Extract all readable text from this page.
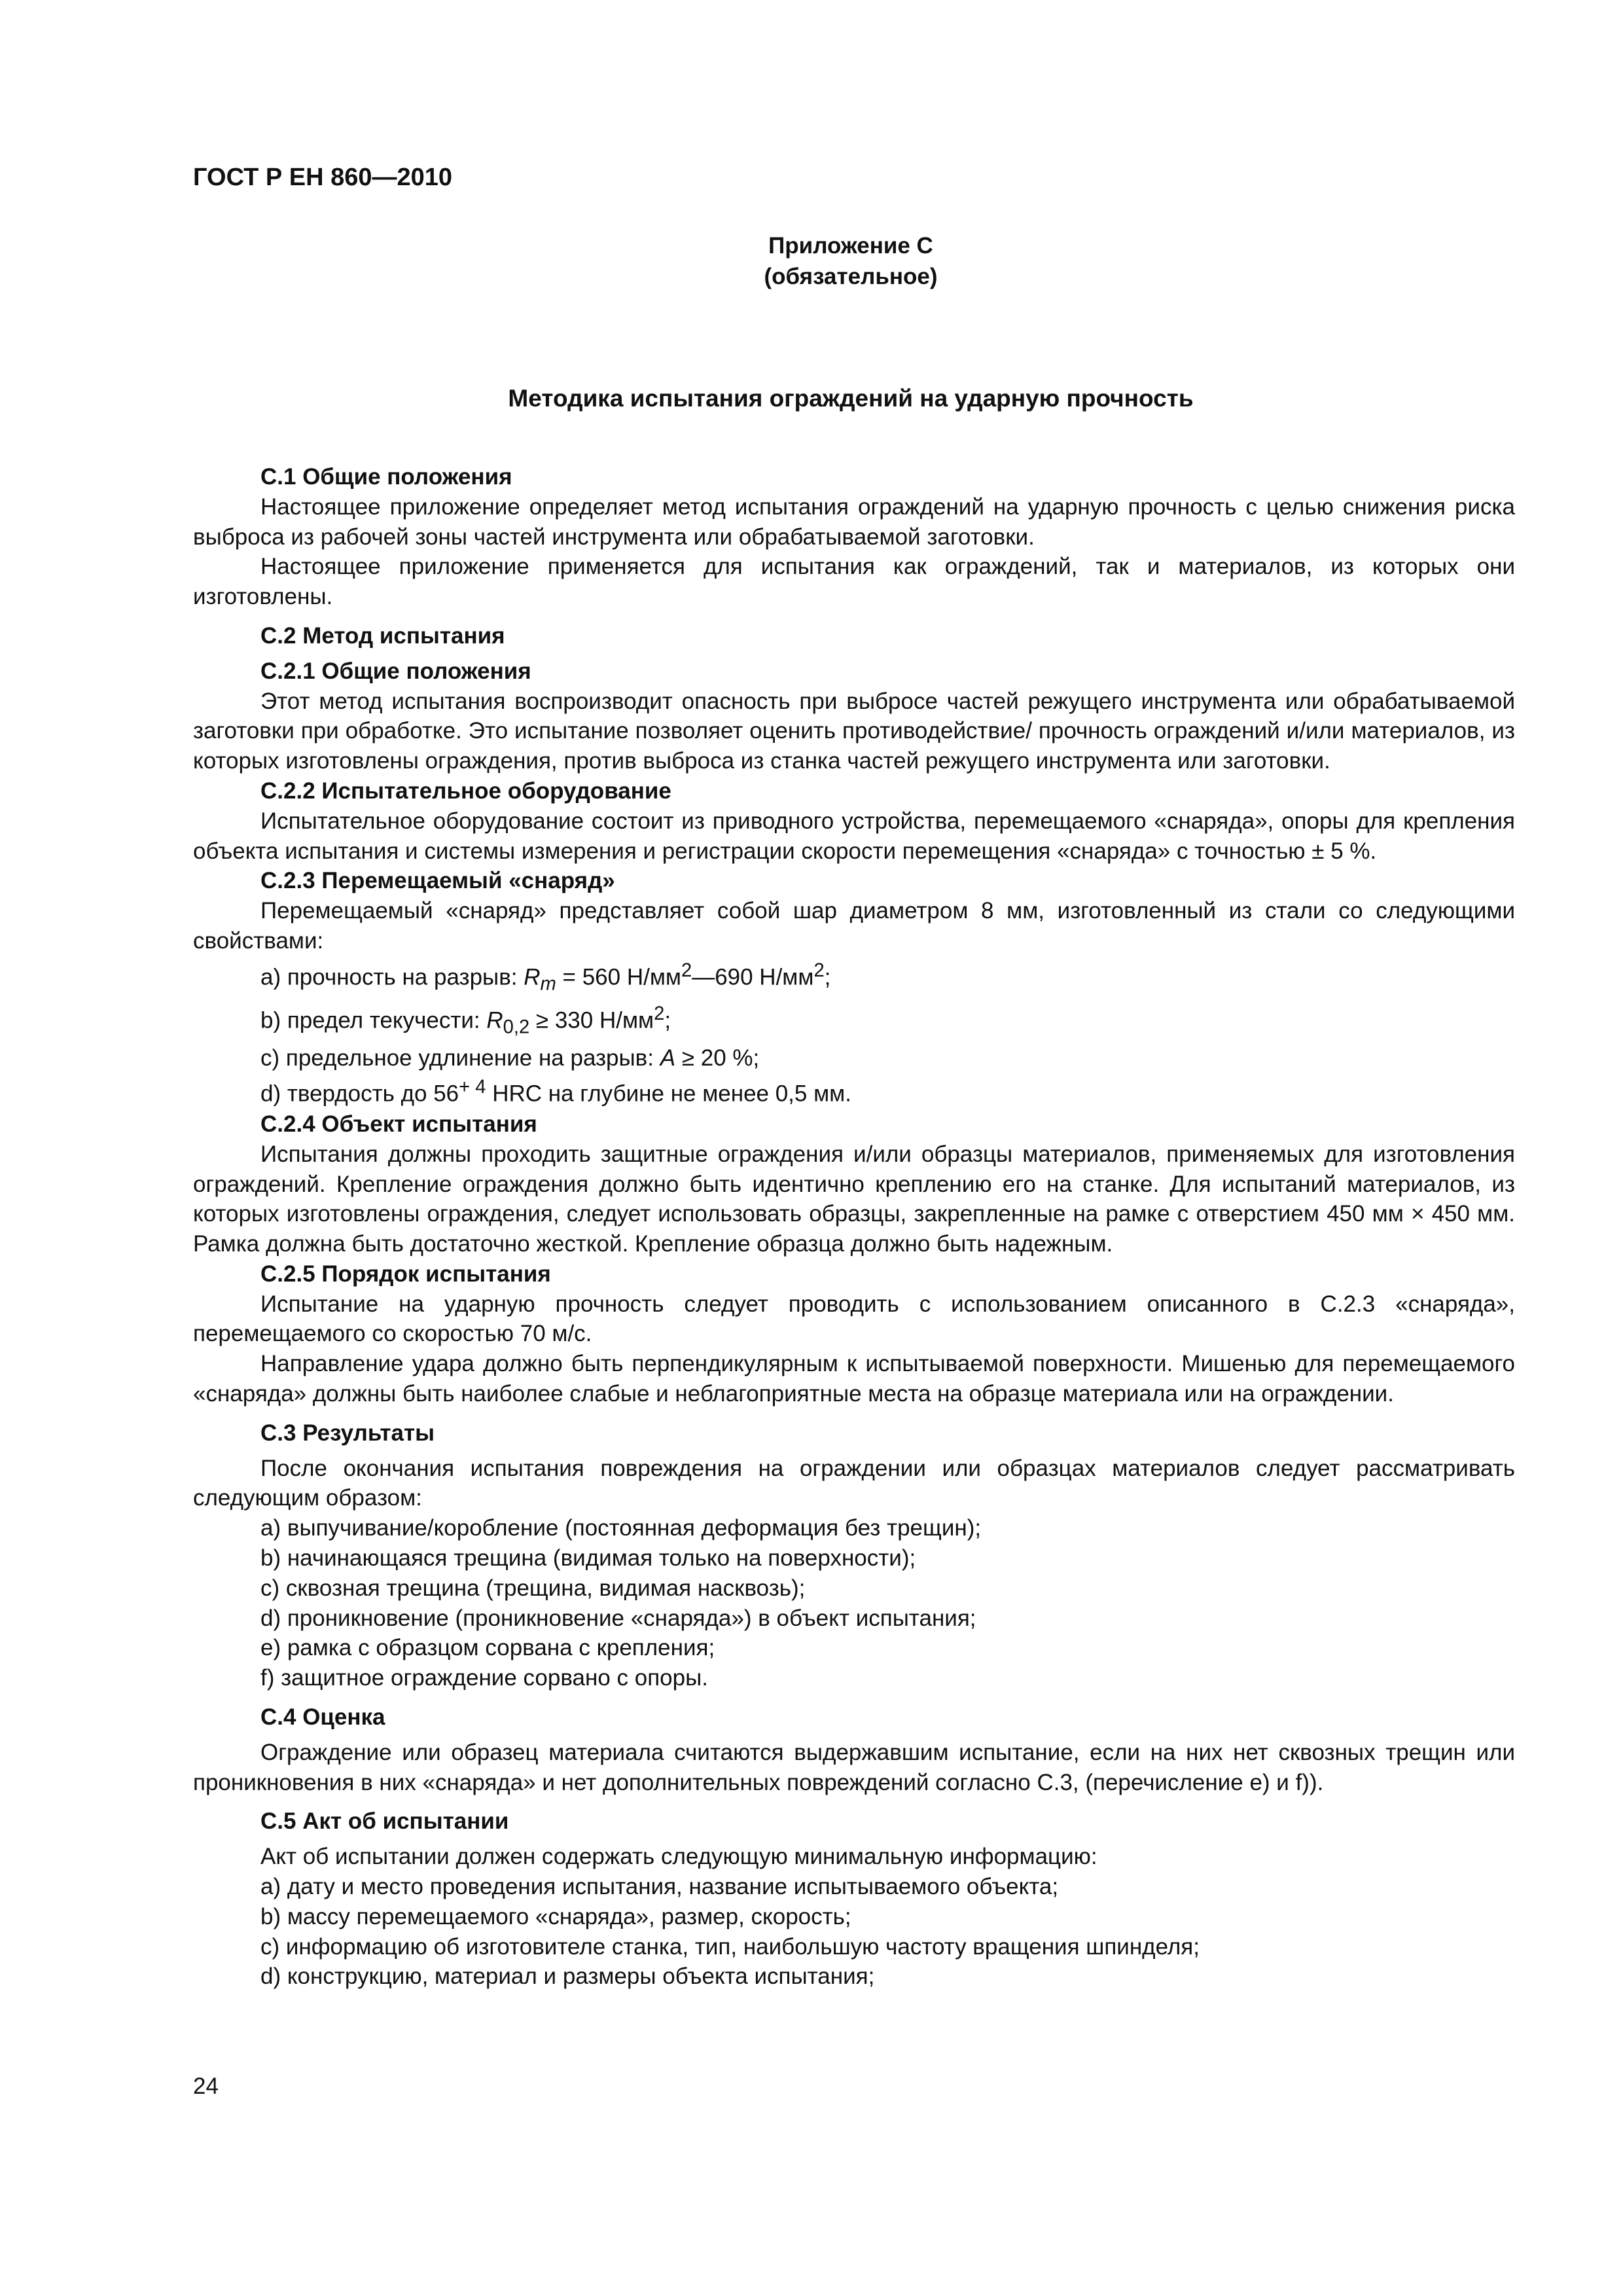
ГОСТ Р ЕН 860—2010
Приложение С
(обязательное)
Методика испытания ограждений на ударную прочность
С.1 Общие положения

Настоящее приложение определяет метод испытания ограждений на ударную прочность с целью снижения риска выброса из рабочей зоны частей инструмента или обрабатываемой заготовки.

Настоящее приложение применяется для испытания как ограждений, так и материалов, из которых они изготовлены.

С.2 Метод испытания
С.2.1 Общие положения

Этот метод испытания воспроизводит опасность при выбросе частей режущего инструмента или обрабатываемой заготовки при обработке. Это испытание позволяет оценить противодействие/ прочность ограждений и/или материалов, из которых изготовлены ограждения, против выброса из станка частей режущего инструмента или заготовки.

С.2.2 Испытательное оборудование

Испытательное оборудование состоит из приводного устройства, перемещаемого «снаряда», опоры для крепления объекта испытания и системы измерения и регистрации скорости перемещения «снаряда» с точностью ± 5 %.

С.2.3 Перемещаемый «снаряд»

Перемещаемый «снаряд» представляет собой шар диаметром 8 мм, изготовленный из стали со следующими свойствами:

а) прочность на разрыв: $R_m = 560$ $Н/мм^2—690$ $Н/мм^2$;
b) предел текучести: $R_{0,2} \ge 330$ $Н/мм^2$;
с) предельное удлинение на разрыв: A ≥ 20 %;
d) твердость до $56^{+ 4}$ HRC на глубине не менее 0,5 мм.
С.2.4 Объект испытания

Испытания должны проходить защитные ограждения и/или образцы материалов, применяемых для изготовления ограждений. Крепление ограждения должно быть идентично креплению его на станке. Для испытаний материалов, из которых изготовлены ограждения, следует использовать образцы, закрепленные на рамке с отверстием 450 мм × 450 мм. Рамка должна быть достаточно жесткой. Крепление образца должно быть надежным.

С.2.5 Порядок испытания

Испытание на ударную прочность следует проводить с использованием описанного в С.2.3 «снаряда», перемещаемого со скоростью 70 м/с.

Направление удара должно быть перпендикулярным к испытываемой поверхности. Мишенью для перемещаемого «снаряда» должны быть наиболее слабые и неблагоприятные места на образце материала или на ограждении.

С.3 Результаты

После окончания испытания повреждения на ограждении или образцах материалов следует рассматривать следующим образом:

а) выпучивание/коробление (постоянная деформация без трещин);
b) начинающаяся трещина (видимая только на поверхности);
с) сквозная трещина (трещина, видимая насквозь);
d) проникновение (проникновение «снаряда») в объект испытания;
е) рамка с образцом сорвана с крепления;
f) защитное ограждение сорвано с опоры.
С.4 Оценка

Ограждение или образец материала считаются выдержавшим испытание, если на них нет сквозных трещин или проникновения в них «снаряда» и нет дополнительных повреждений согласно С.3, (перечисление е) и f)).

С.5 Акт об испытании

Акт об испытании должен содержать следующую минимальную информацию:

а) дату и место проведения испытания, название испытываемого объекта;
b) массу перемещаемого «снаряда», размер, скорость;
с) информацию об изготовителе станка, тип, наибольшую частоту вращения шпинделя;
d) конструкцию, материал и размеры объекта испытания;
24
